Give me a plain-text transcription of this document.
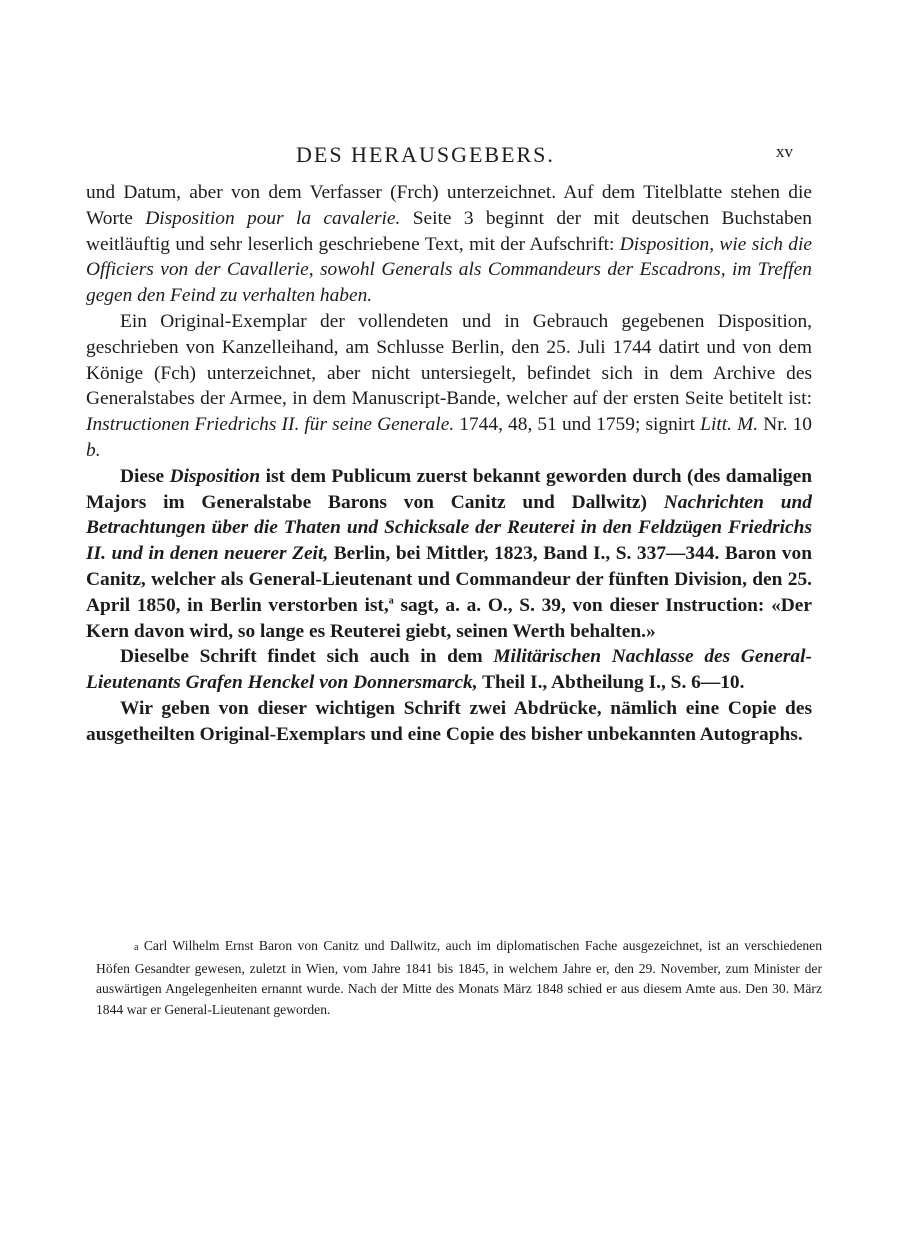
DES HERAUSGEBERS.	xv

und Datum, aber von dem Verfasser (Frch) unterzeichnet. Auf dem Titelblatte stehen die Worte Disposition pour la cavalerie. Seite 3 beginnt der mit deutschen Buchstaben weitläuftig und sehr leserlich geschriebene Text, mit der Aufschrift: Disposition, wie sich die Officiers von der Cavallerie, sowohl Generals als Commandeurs der Escadrons, im Treffen gegen den Feind zu verhalten haben.

Ein Original-Exemplar der vollendeten und in Gebrauch gegebenen Disposition, geschrieben von Kanzelleihand, am Schlusse Berlin, den 25. Juli 1744 datirt und von dem Könige (Fch) unterzeichnet, aber nicht untersiegelt, befindet sich in dem Archive des Generalstabes der Armee, in dem Manuscript-Bande, welcher auf der ersten Seite betitelt ist: Instructionen Friedrichs II. für seine Generale. 1744, 48, 51 und 1759; signirt Litt. M. Nr. 10 b.

Diese Disposition ist dem Publicum zuerst bekannt geworden durch (des damaligen Majors im Generalstabe Barons von Canitz und Dallwitz) Nachrichten und Betrachtungen über die Thaten und Schicksale der Reuterei in den Feldzügen Friedrichs II. und in denen neuerer Zeit, Berlin, bei Mittler, 1823, Band I., S. 337—344. Baron von Canitz, welcher als General-Lieutenant und Commandeur der fünften Division, den 25. April 1850, in Berlin verstorben ist,$^a$ sagt, a. a. O., S. 39, von dieser Instruction: «Der Kern davon wird, so lange es Reuterei giebt, seinen Werth behalten.»

Dieselbe Schrift findet sich auch in dem Militärischen Nachlasse des General-Lieutenants Grafen Henckel von Donnersmarck, Theil I., Abtheilung I., S. 6—10.

Wir geben von dieser wichtigen Schrift zwei Abdrücke, nämlich eine Copie des ausgetheilten Original-Exemplars und eine Copie des bisher unbekannten Autographs.

a Carl Wilhelm Ernst Baron von Canitz und Dallwitz, auch im diplomatischen Fache ausgezeichnet, ist an verschiedenen Höfen Gesandter gewesen, zuletzt in Wien, vom Jahre 1841 bis 1845, in welchem Jahre er, den 29. November, zum Minister der auswärtigen Angelegenheiten ernannt wurde. Nach der Mitte des Monats März 1848 schied er aus diesem Amte aus. Den 30. März 1844 war er General-Lieutenant geworden.
